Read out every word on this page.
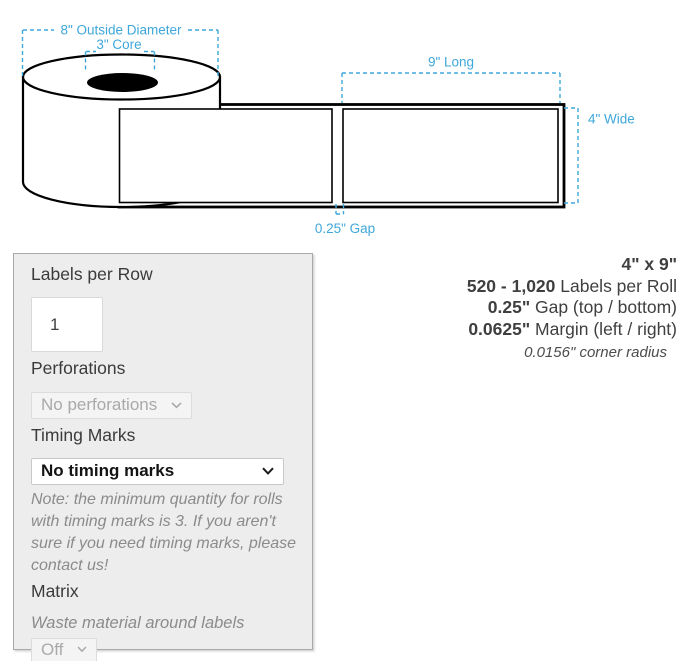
8" Outside Diameter
3" Core
9" Long
4" Wide
0.25" Gap
4" x 9"
520 - 1,020 Labels per Roll
0.25" Gap (top / bottom)
0.0625" Margin (left / right)
0.0156" corner radius
Labels per Row
1
Perforations
No perforations
Timing Marks
No timing marks
Note: the minimum quantity for rolls with timing marks is 3. If you aren't sure if you need timing marks, please contact us!
Matrix
Waste material around labels
Off
